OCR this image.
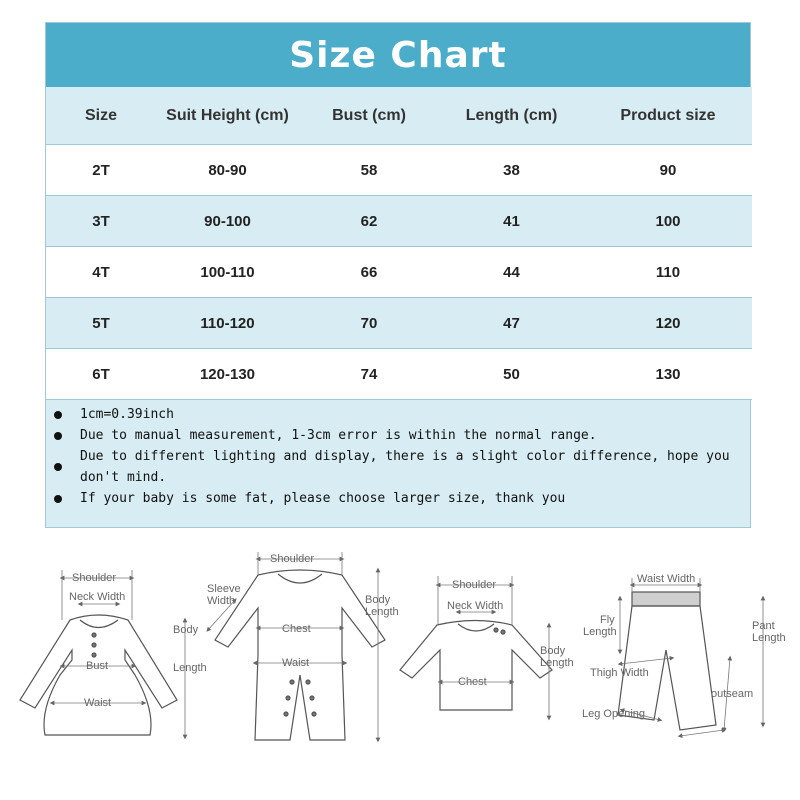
Size Chart
Size	Suit Height (cm)	Bust (cm)	Length (cm)	Product size
2T	80-90	58	38	90
3T	90-100	62	41	100
4T	100-110	66	44	110
5T	110-120	70	47	120
6T	120-130	74	50	130
1cm=0.39inch
Due to manual measurement, 1-3cm error is within the normal range.
Due to different lighting and display, there is a slight color difference, hope you don't mind.
If your baby is some fat, please choose larger size, thank you
Shoulder
Neck Width
Bust
Waist
Body
Length
Shoulder
Sleeve
Width
Chest
Waist
Body
Length
Shoulder
Neck Width
Chest
Body
Length
Waist Width
Fly
Length
Thigh Width
outseam
Leg Opening
Pant
Length
